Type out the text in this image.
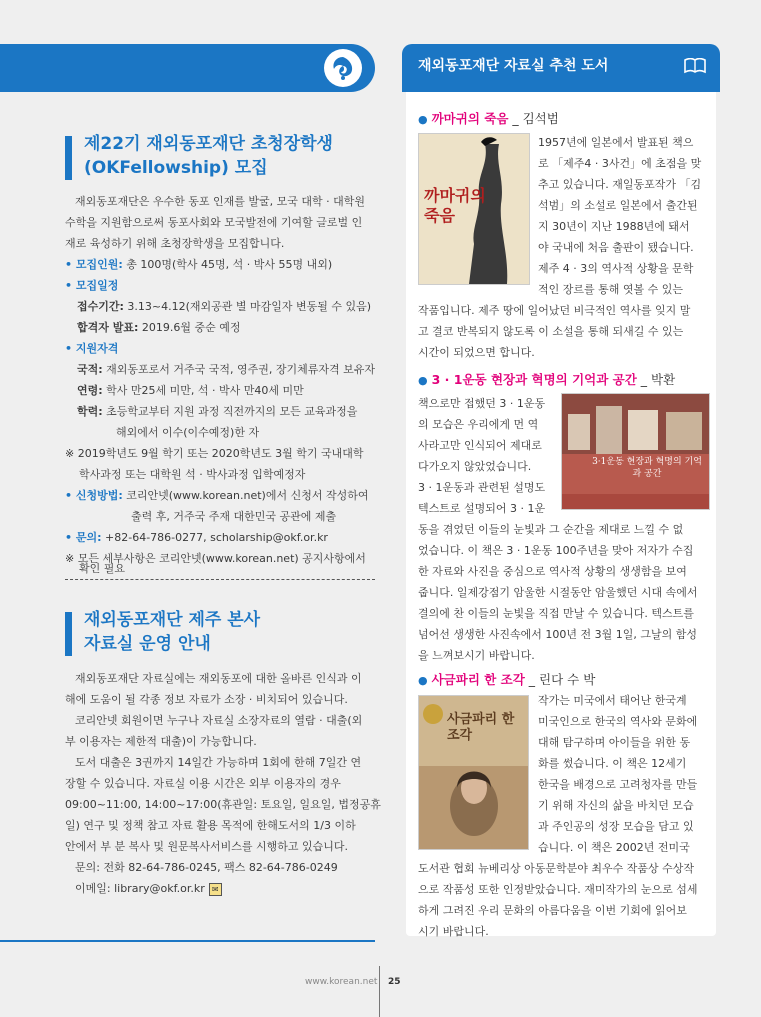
재외동포재단 자료실 추천 도서
제22기 재외동포재단 초청장학생
(OKFellowship) 모집
재외동포재단은 우수한 동포 인재를 발굴, 모국 대학 · 대학원
수학을 지원함으로써 동포사회와 모국발전에 기여할 글로벌 인
재로 육성하기 위해 초청장학생을 모집합니다.
• 모집인원: 총 100명(학사 45명, 석 · 박사 55명 내외)
• 모집일정
접수기간: 3.13~4.12(재외공관 별 마감일자 변동될 수 있음)
합격자 발표: 2019.6월 중순 예정
• 지원자격
국적: 재외동포로서 거주국 국적, 영주권, 장기체류자격 보유자
연령: 학사 만25세 미만, 석 · 박사 만40세 미만
학력: 초등학교부터 지원 과정 직전까지의 모든 교육과정을
해외에서 이수(이수예정)한 자
※ 2019학년도 9월 학기 또는 2020학년도 3월 학기 국내대학
학사과정 또는 대학원 석 · 박사과정 입학예정자
• 신청방법: 코리안넷(www.korean.net)에서 신청서 작성하여
출력 후, 거주국 주재 대한민국 공관에 제출
• 문의: +82-64-786-0277, scholarship@okf.or.kr
※ 모든 세부사항은 코리안넷(www.korean.net) 공지사항에서
확인 필요
재외동포재단 제주 본사
자료실 운영 안내
재외동포재단 자료실에는 재외동포에 대한 올바른 인식과 이
해에 도움이 될 각종 정보 자료가 소장 · 비치되어 있습니다.
코리안넷 회원이면 누구나 자료실 소장자료의 열람 · 대출(외
부 이용자는 제한적 대출)이 가능합니다.
도서 대출은 3권까지 14일간 가능하며 1회에 한해 7일간 연
장할 수 있습니다. 자료실 이용 시간은 외부 이용자의 경우
09:00~11:00, 14:00~17:00(휴관일: 토요일, 일요일, 법정공휴
일) 연구 및 정책 참고 자료 활용 목적에 한해도서의 1/3 이하
안에서 부 분 복사 및 원문복사서비스를 시행하고 있습니다.
문의: 전화 82-64-786-0245, 팩스 82-64-786-0249
이메일: library@okf.or.kr ✉
● 까마귀의 죽음 _ 김석범
까마귀의 죽음
1957년에 일본에서 발표된 책으
로 「제주4 · 3사건」에 초점을 맞
추고 있습니다. 재일동포작가 「김
석범」의 소설로 일본에서 출간된
지 30년이 지난 1988년에 돼서
야 국내에 처음 출판이 됐습니다.
제주 4 · 3의 역사적 상황을 문학
적인 장르를 통해 엿볼 수 있는
작품입니다. 제주 땅에 일어났던 비극적인 역사를 잊지 말
고 결코 반복되지 않도록 이 소설을 통해 되새길 수 있는
시간이 되었으면 합니다.
● 3 · 1운동 현장과 혁명의 기억과 공간 _ 박환
책으로만 접했던 3 · 1운동
의 모습은 우리에게 먼 역
사라고만 인식되어 제대로
다가오지 않았었습니다.
3 · 1운동과 관련된 설명도
텍스트로 설명되어 3 · 1운
3·1운동 현장과 혁명의 기억과 공간
동을 겪었던 이들의 눈빛과 그 순간을 제대로 느낄 수 없
었습니다. 이 책은 3 · 1운동 100주년을 맞아 저자가 수집
한 자료와 사진을 중심으로 역사적 상황의 생생함을 보여
줍니다. 일제강점기 암울한 시절동안 암울했던 시대 속에서
결의에 찬 이들의 눈빛을 직접 만날 수 있습니다. 텍스트를
넘어선 생생한 사진속에서 100년 전 3월 1일, 그날의 함성
을 느껴보시기 바랍니다.
● 사금파리 한 조각 _ 린다 수 박
사금파리 한 조각
작가는 미국에서 태어난 한국계
미국인으로 한국의 역사와 문화에
대해 탐구하며 아이들을 위한 동
화를 썼습니다. 이 책은 12세기
한국을 배경으로 고려청자를 만들
기 위해 자신의 삶을 바치던 모습
과 주인공의 성장 모습을 담고 있
습니다. 이 책은 2002년 전미국
도서관 협회 뉴베리상 아동문학분야 최우수 작품상 수상작
으로 작품성 또한 인정받았습니다. 재미작가의 눈으로 섬세
하게 그려진 우리 문화의 아름다움을 이번 기회에 읽어보
시기 바랍니다.
www.korean.net 25
